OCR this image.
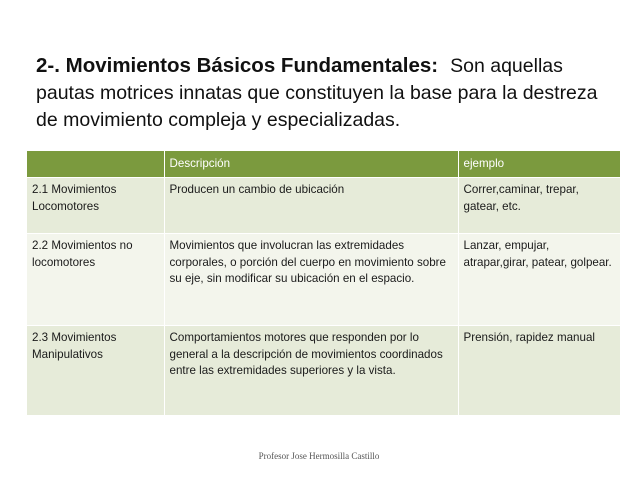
2-. Movimientos Básicos Fundamentales: Son aquellas
pautas motrices innatas que constituyen la base para la destreza
de movimiento compleja y especializadas.
	Descripción	ejemplo
2.1 Movimientos Locomotores	Producen un cambio de ubicación	Correr,caminar, trepar, gatear, etc.
2.2 Movimientos no locomotores	Movimientos que involucran las extremidades corporales, o porción del cuerpo en movimiento sobre su eje, sin modificar su ubicación en el espacio.	Lanzar, empujar, atrapar,girar, patear, golpear.
2.3 Movimientos Manipulativos	Comportamientos motores que responden por lo general a la descripción de movimientos coordinados entre las extremidades superiores y la vista.	Prensión, rapidez manual
Profesor Jose Hermosilla Castillo
